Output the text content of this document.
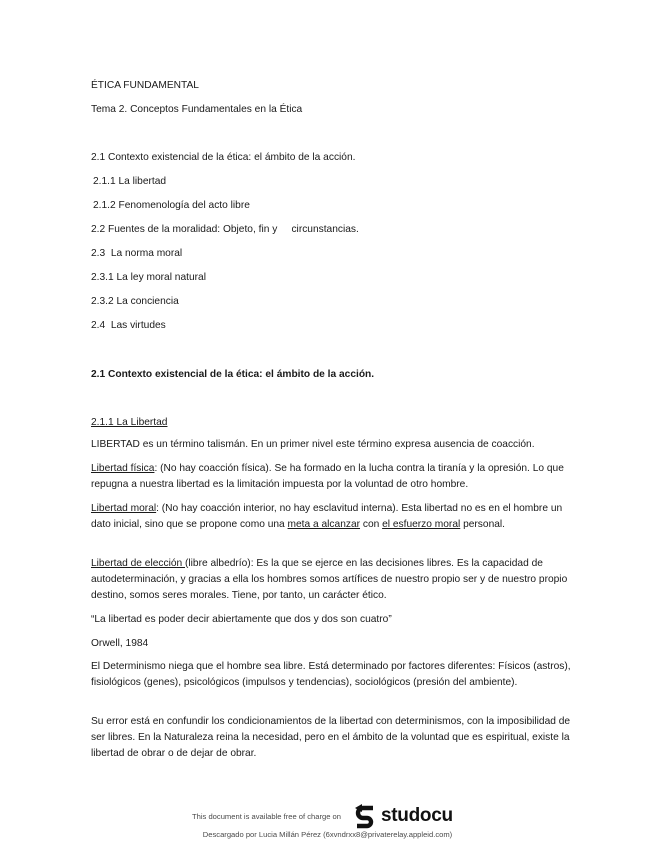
ÉTICA FUNDAMENTAL
Tema 2. Conceptos Fundamentales en la Ética
2.1 Contexto existencial de la ética: el ámbito de la acción.
2.1.1 La libertad
2.1.2 Fenomenología del acto libre
2.2 Fuentes de la moralidad: Objeto, fin y     circunstancias.
2.3  La norma moral
2.3.1 La ley moral natural
2.3.2 La conciencia
2.4  Las virtudes
2.1 Contexto existencial de la ética: el ámbito de la acción.
2.1.1 La Libertad
LIBERTAD es un término talismán. En un primer nivel este término expresa ausencia de coacción.
Libertad física: (No hay coacción física). Se ha formado en la lucha contra la tiranía y la opresión. Lo que repugna a nuestra libertad es la limitación impuesta por la voluntad de otro hombre.
Libertad moral: (No hay coacción interior, no hay esclavitud interna). Esta libertad no es en el hombre un dato inicial, sino que se propone como una meta a alcanzar con el esfuerzo moral personal.
Libertad de elección (libre albedrío): Es la que se ejerce en las decisiones libres. Es la capacidad de autodeterminación, y gracias a ella los hombres somos artífices de nuestro propio ser y de nuestro propio destino, somos seres morales. Tiene, por tanto, un carácter ético.
“La libertad es poder decir abiertamente que dos y dos son cuatro”
Orwell, 1984
El Determinismo niega que el hombre sea libre. Está determinado por factores diferentes: Físicos (astros), fisiológicos (genes), psicológicos (impulsos y tendencias), sociológicos (presión del ambiente).
Su error está en confundir los condicionamientos de la libertad con determinismos, con la imposibilidad de ser libres. En la Naturaleza reina la necesidad, pero en el ámbito de la voluntad que es espiritual, existe la libertad de obrar o de dejar de obrar.
This document is available free of charge on studocu
Descargado por Lucia Millán Pérez (6xvndrxx8@privaterelay.appleid.com)
